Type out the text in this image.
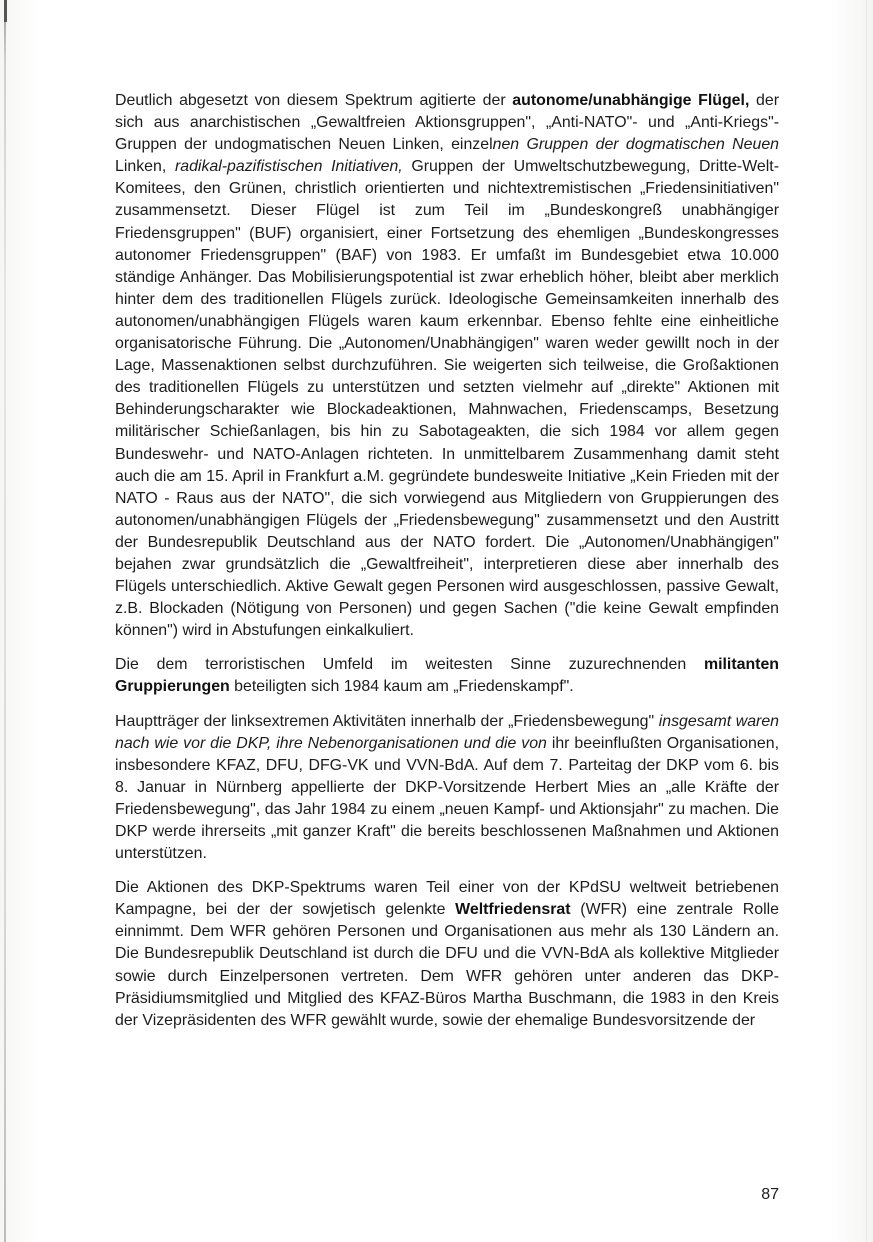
Deutlich abgesetzt von diesem Spektrum agitierte der autonome/unabhängige Flügel, der sich aus anarchistischen „Gewaltfreien Aktionsgruppen", „Anti-NATO"- und „Anti-Kriegs"-Gruppen der undogmatischen Neuen Linken, einzelnen Gruppen der dogmatischen Neuen Linken, radikal-pazifistischen Initiativen, Gruppen der Umweltschutzbewegung, Dritte-Welt-Komitees, den Grünen, christlich orientierten und nichtextremistischen „Friedensinitiativen" zusammensetzt. Dieser Flügel ist zum Teil im „Bundeskongreß unabhängiger Friedensgruppen" (BUF) organisiert, einer Fortsetzung des ehemligen „Bundeskongresses autonomer Friedensgruppen" (BAF) von 1983. Er umfaßt im Bundesgebiet etwa 10.000 ständige Anhänger. Das Mobilisierungspotential ist zwar erheblich höher, bleibt aber merklich hinter dem des traditionellen Flügels zurück. Ideologische Gemeinsamkeiten innerhalb des autonomen/unabhängigen Flügels waren kaum erkennbar. Ebenso fehlte eine einheitliche organisatorische Führung. Die „Autonomen/Unabhängigen" waren weder gewillt noch in der Lage, Massenaktionen selbst durchzuführen. Sie weigerten sich teilweise, die Großaktionen des traditionellen Flügels zu unterstützen und setzten vielmehr auf „direkte" Aktionen mit Behinderungscharakter wie Blockadeaktionen, Mahnwachen, Friedenscamps, Besetzung militärischer Schießanlagen, bis hin zu Sabotageakten, die sich 1984 vor allem gegen Bundeswehr- und NATO-Anlagen richteten. In unmittelbarem Zusammenhang damit steht auch die am 15. April in Frankfurt a.M. gegründete bundesweite Initiative „Kein Frieden mit der NATO - Raus aus der NATO", die sich vorwiegend aus Mitgliedern von Gruppierungen des autonomen/unabhängigen Flügels der „Friedensbewegung" zusammensetzt und den Austritt der Bundesrepublik Deutschland aus der NATO fordert. Die „Autonomen/Unabhängigen" bejahen zwar grundsätzlich die „Gewaltfreiheit", interpretieren diese aber innerhalb des Flügels unterschiedlich. Aktive Gewalt gegen Personen wird ausgeschlossen, passive Gewalt, z.B. Blockaden (Nötigung von Personen) und gegen Sachen ("die keine Gewalt empfinden können") wird in Abstufungen einkalkuliert.

Die dem terroristischen Umfeld im weitesten Sinne zuzurechnenden militanten Gruppierungen beteiligten sich 1984 kaum am „Friedenskampf".

Hauptträger der linksextremen Aktivitäten innerhalb der „Friedensbewegung" insgesamt waren nach wie vor die DKP, ihre Nebenorganisationen und die von ihr beeinflußten Organisationen, insbesondere KFAZ, DFU, DFG-VK und VVN-BdA. Auf dem 7. Parteitag der DKP vom 6. bis 8. Januar in Nürnberg appellierte der DKP-Vorsitzende Herbert Mies an „alle Kräfte der Friedensbewegung", das Jahr 1984 zu einem „neuen Kampf- und Aktionsjahr" zu machen. Die DKP werde ihrerseits „mit ganzer Kraft" die bereits beschlossenen Maßnahmen und Aktionen unterstützen.

Die Aktionen des DKP-Spektrums waren Teil einer von der KPdSU weltweit betriebenen Kampagne, bei der der sowjetisch gelenkte Weltfriedensrat (WFR) eine zentrale Rolle einnimmt. Dem WFR gehören Personen und Organisationen aus mehr als 130 Ländern an. Die Bundesrepublik Deutschland ist durch die DFU und die VVN-BdA als kollektive Mitglieder sowie durch Einzelpersonen vertreten. Dem WFR gehören unter anderen das DKP-Präsidiumsmitglied und Mitglied des KFAZ-Büros Martha Buschmann, die 1983 in den Kreis der Vizepräsidenten des WFR gewählt wurde, sowie der ehemalige Bundesvorsitzende der

87
